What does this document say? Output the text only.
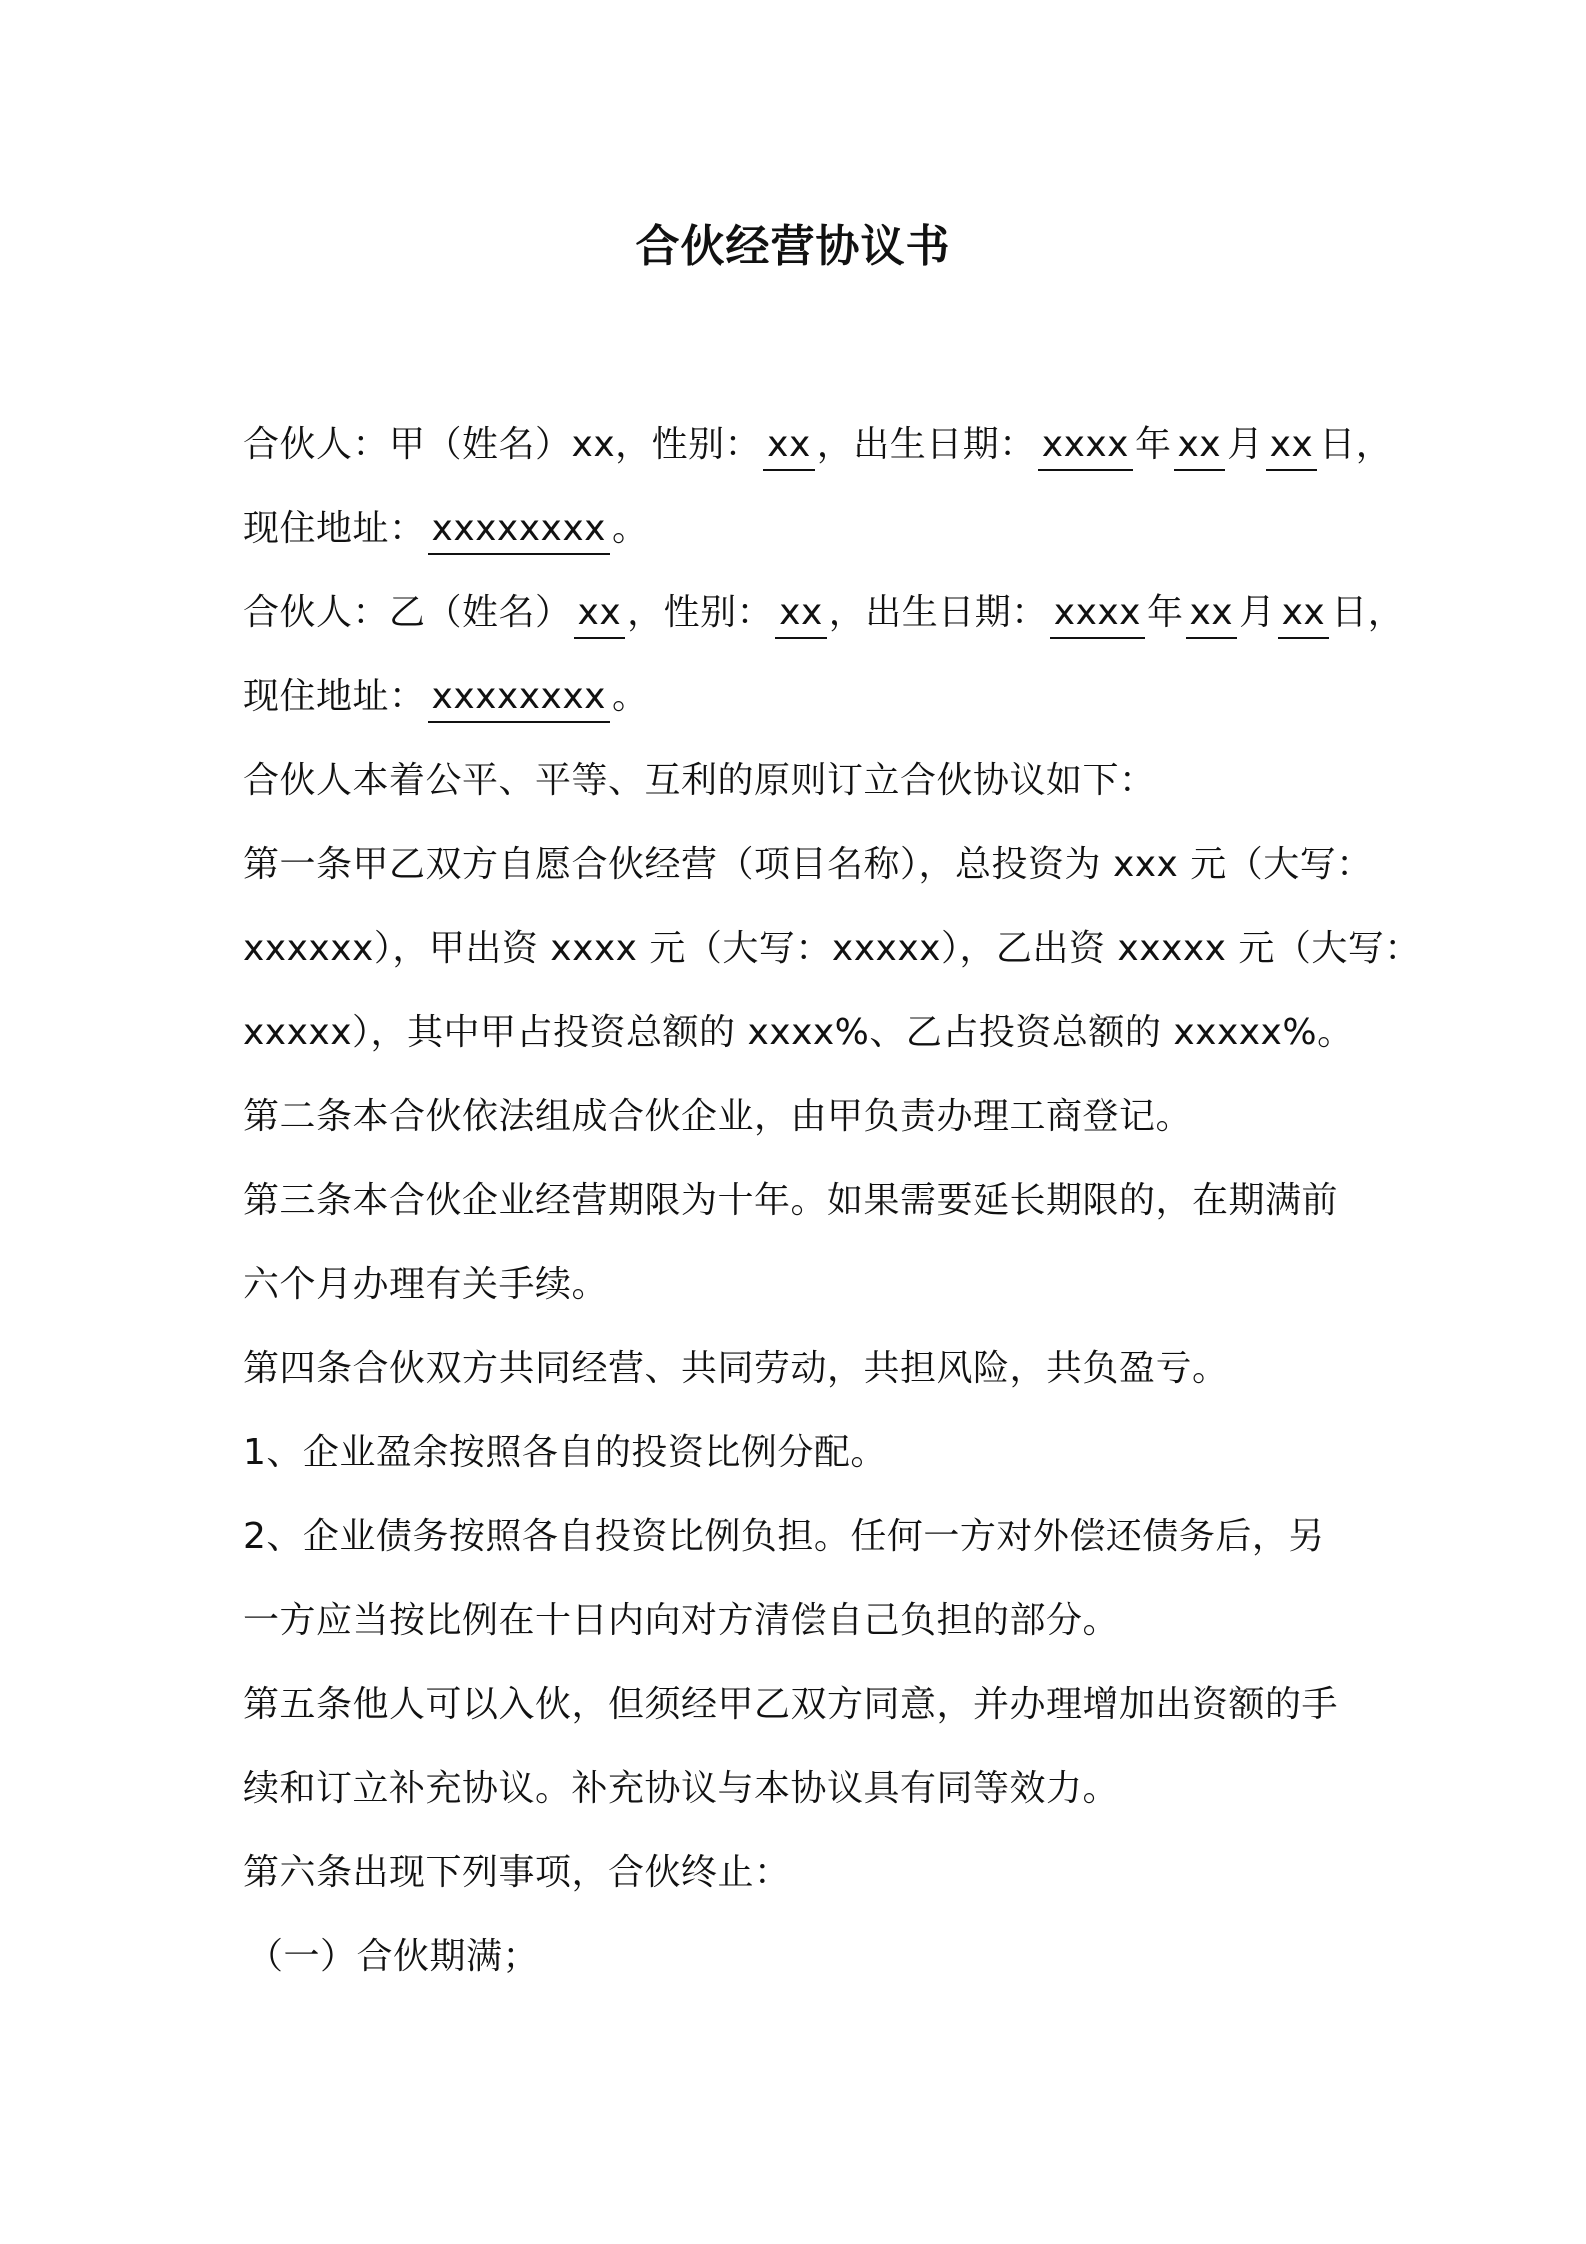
合伙经营协议书
合伙人：甲（姓名）xx，性别： xx ，出生日期： xxxx 年 xx 月 xx 日，
现住地址： xxxxxxxx 。
合伙人：乙（姓名） xx ，性别： xx ，出生日期： xxxx 年 xx 月 xx 日，
现住地址： xxxxxxxx 。
合伙人本着公平、平等、互利的原则订立合伙协议如下：
第一条甲乙双方自愿合伙经营（项目名称），总投资为 xxx 元（大写：
xxxxxx），甲出资 xxxx 元（大写：xxxxx），乙出资 xxxxx 元（大写：
xxxxx），其中甲占投资总额的 xxxx%、乙占投资总额的 xxxxx%。
第二条本合伙依法组成合伙企业，由甲负责办理工商登记。
第三条本合伙企业经营期限为十年。如果需要延长期限的，在期满前
六个月办理有关手续。
第四条合伙双方共同经营、共同劳动，共担风险，共负盈亏。
1、企业盈余按照各自的投资比例分配。
2、企业债务按照各自投资比例负担。任何一方对外偿还债务后，另
一方应当按比例在十日内向对方清偿自己负担的部分。
第五条他人可以入伙，但须经甲乙双方同意，并办理增加出资额的手
续和订立补充协议。补充协议与本协议具有同等效力。
第六条出现下列事项，合伙终止：
（一）合伙期满；
